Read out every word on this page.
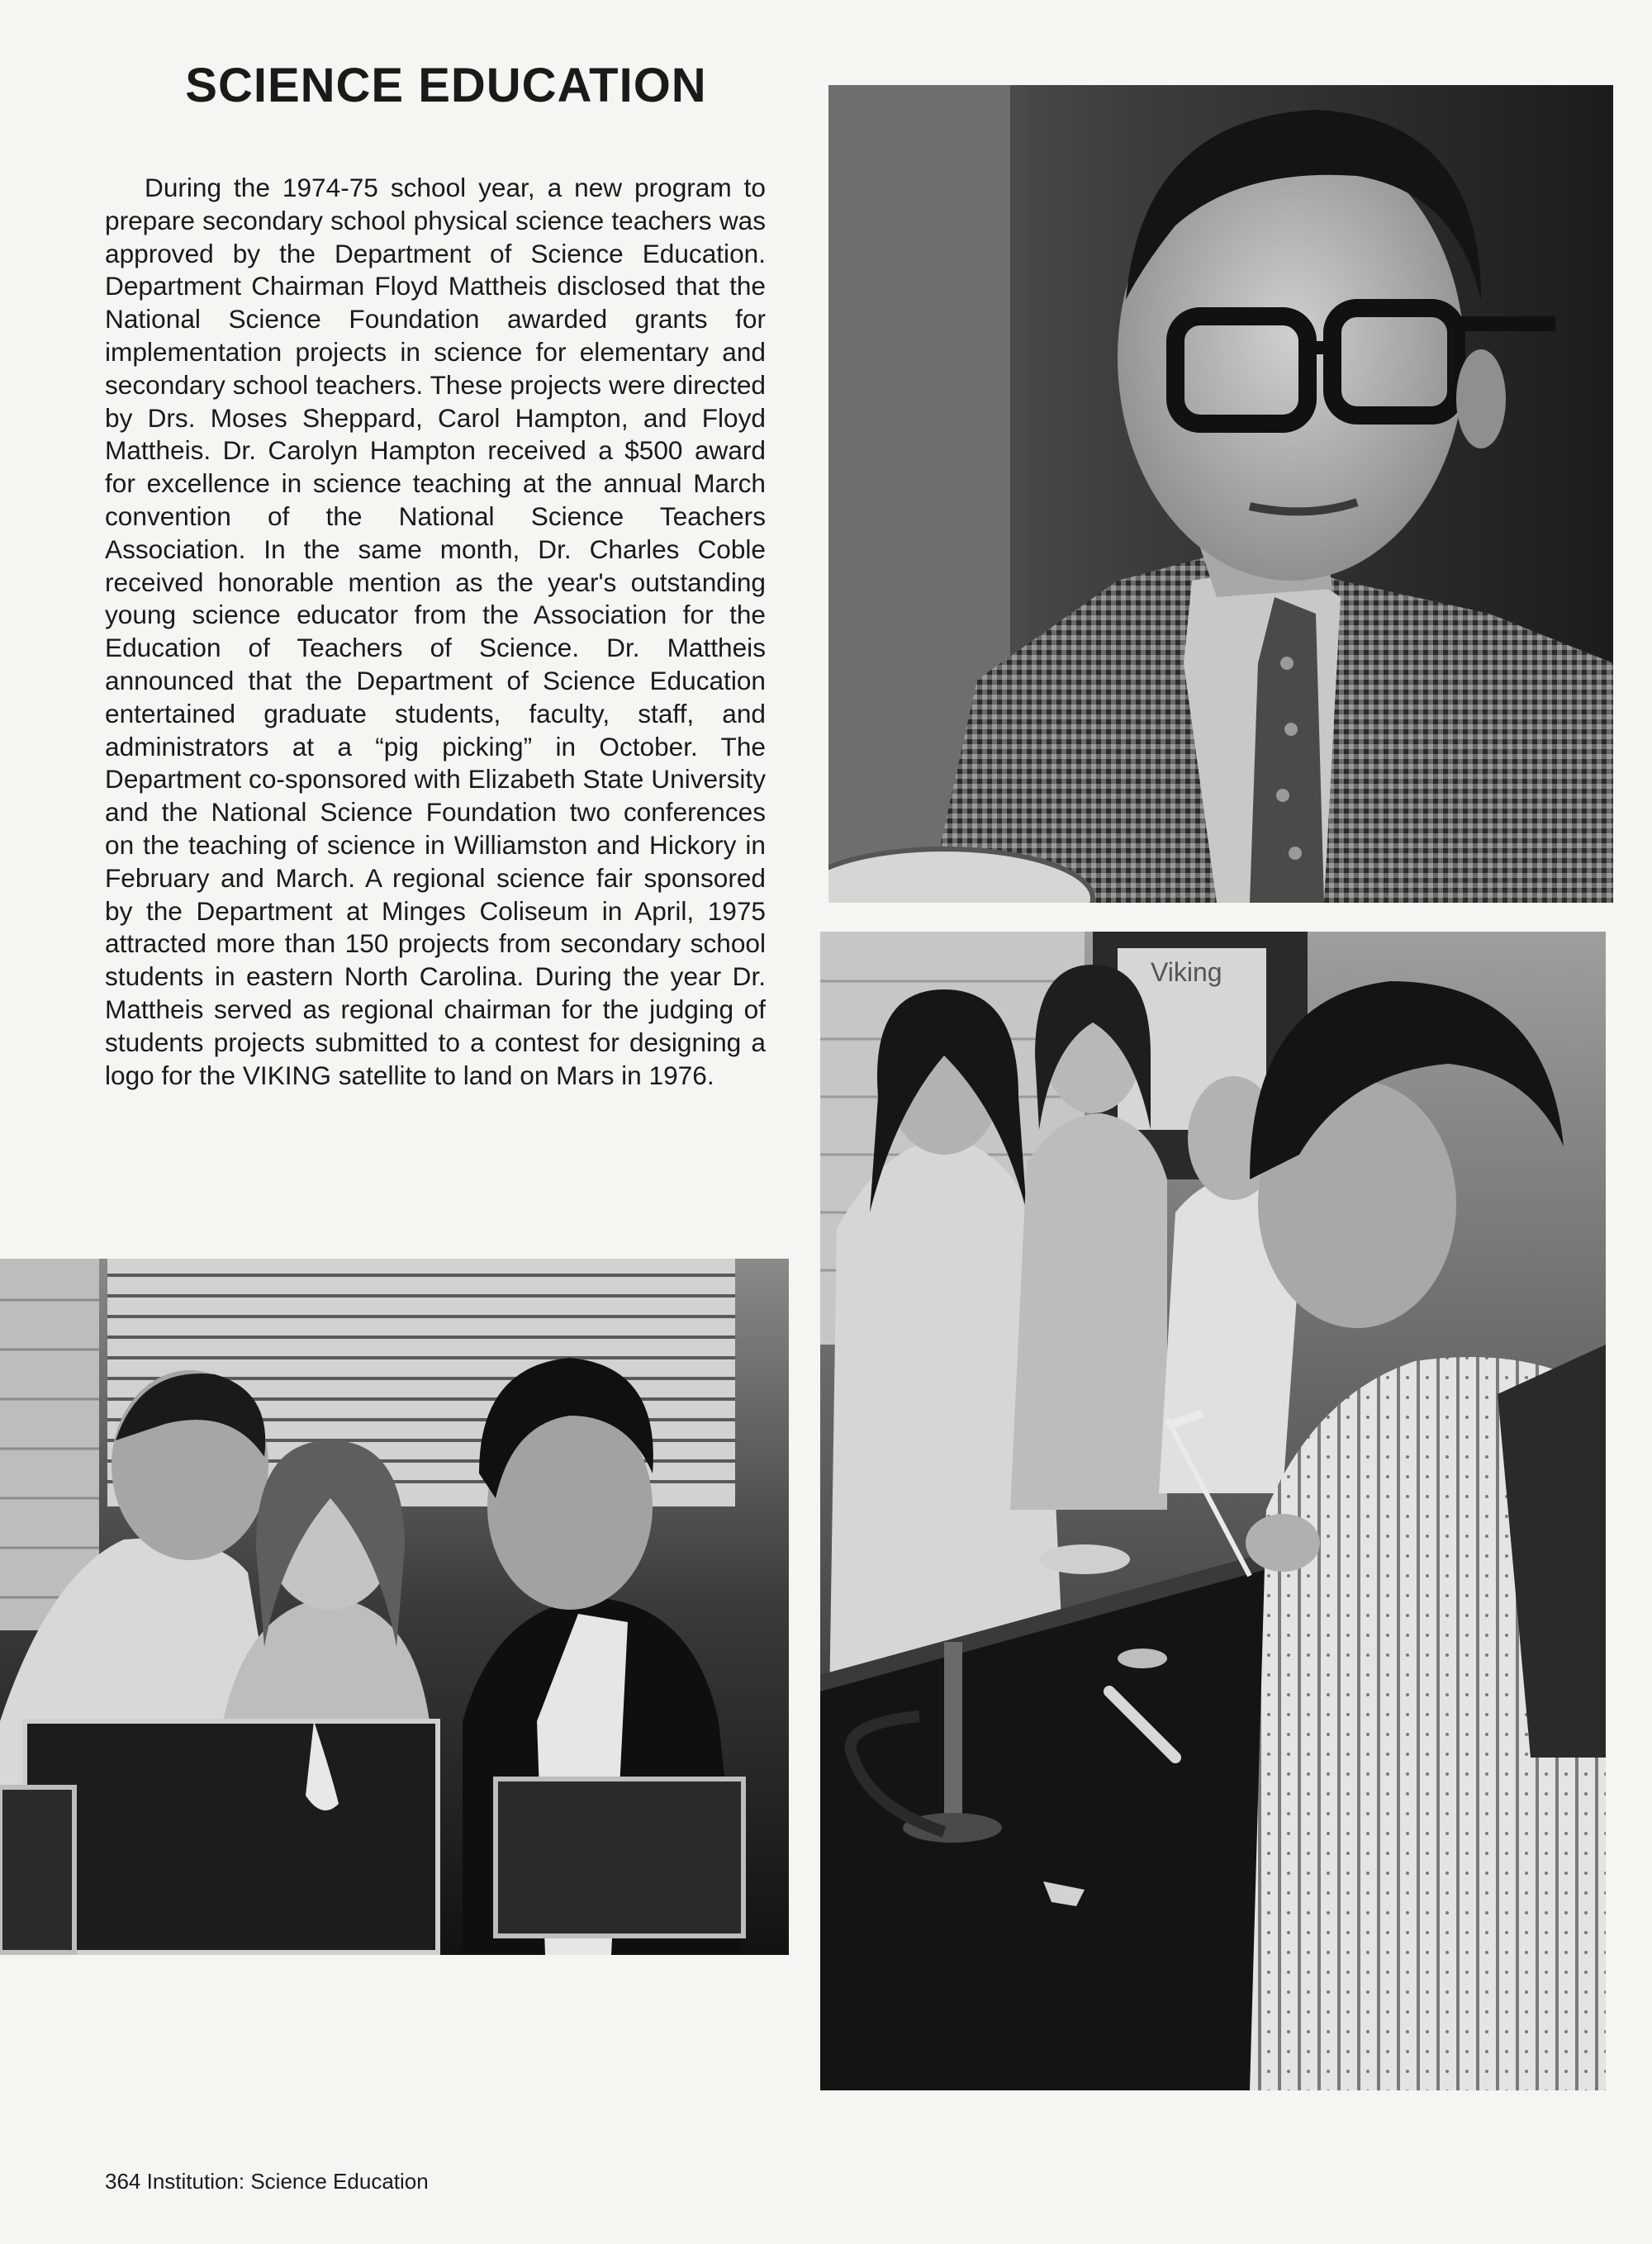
SCIENCE EDUCATION

During the 1974-75 school year, a new program to prepare secondary school physical science teachers was approved by the Department of Science Education. Department Chairman Floyd Mattheis disclosed that the National Science Foundation awarded grants for implementation projects in science for elementary and secondary school teachers. These projects were directed by Drs. Moses Sheppard, Carol Hampton, and Floyd Mattheis. Dr. Carolyn Hampton received a $500 award for excellence in science teaching at the annual March convention of the National Science Teachers Association. In the same month, Dr. Charles Coble received honorable mention as the year's outstanding young science educator from the Association for the Education of Teachers of Science. Dr. Mattheis announced that the Department of Science Education entertained graduate students, faculty, staff, and administrators at a “pig picking” in October. The Department co-sponsored with Elizabeth State University and the National Science Foundation two conferences on the teaching of science in Williamston and Hickory in February and March. A regional science fair sponsored by the Department at Minges Coliseum in April, 1975 attracted more than 150 projects from secondary school students in eastern North Carolina. During the year Dr. Mattheis served as regional chairman for the judging of students projects submitted to a contest for designing a logo for the VIKING satellite to land on Mars in 1976.

Viking

364 Institution: Science Education
